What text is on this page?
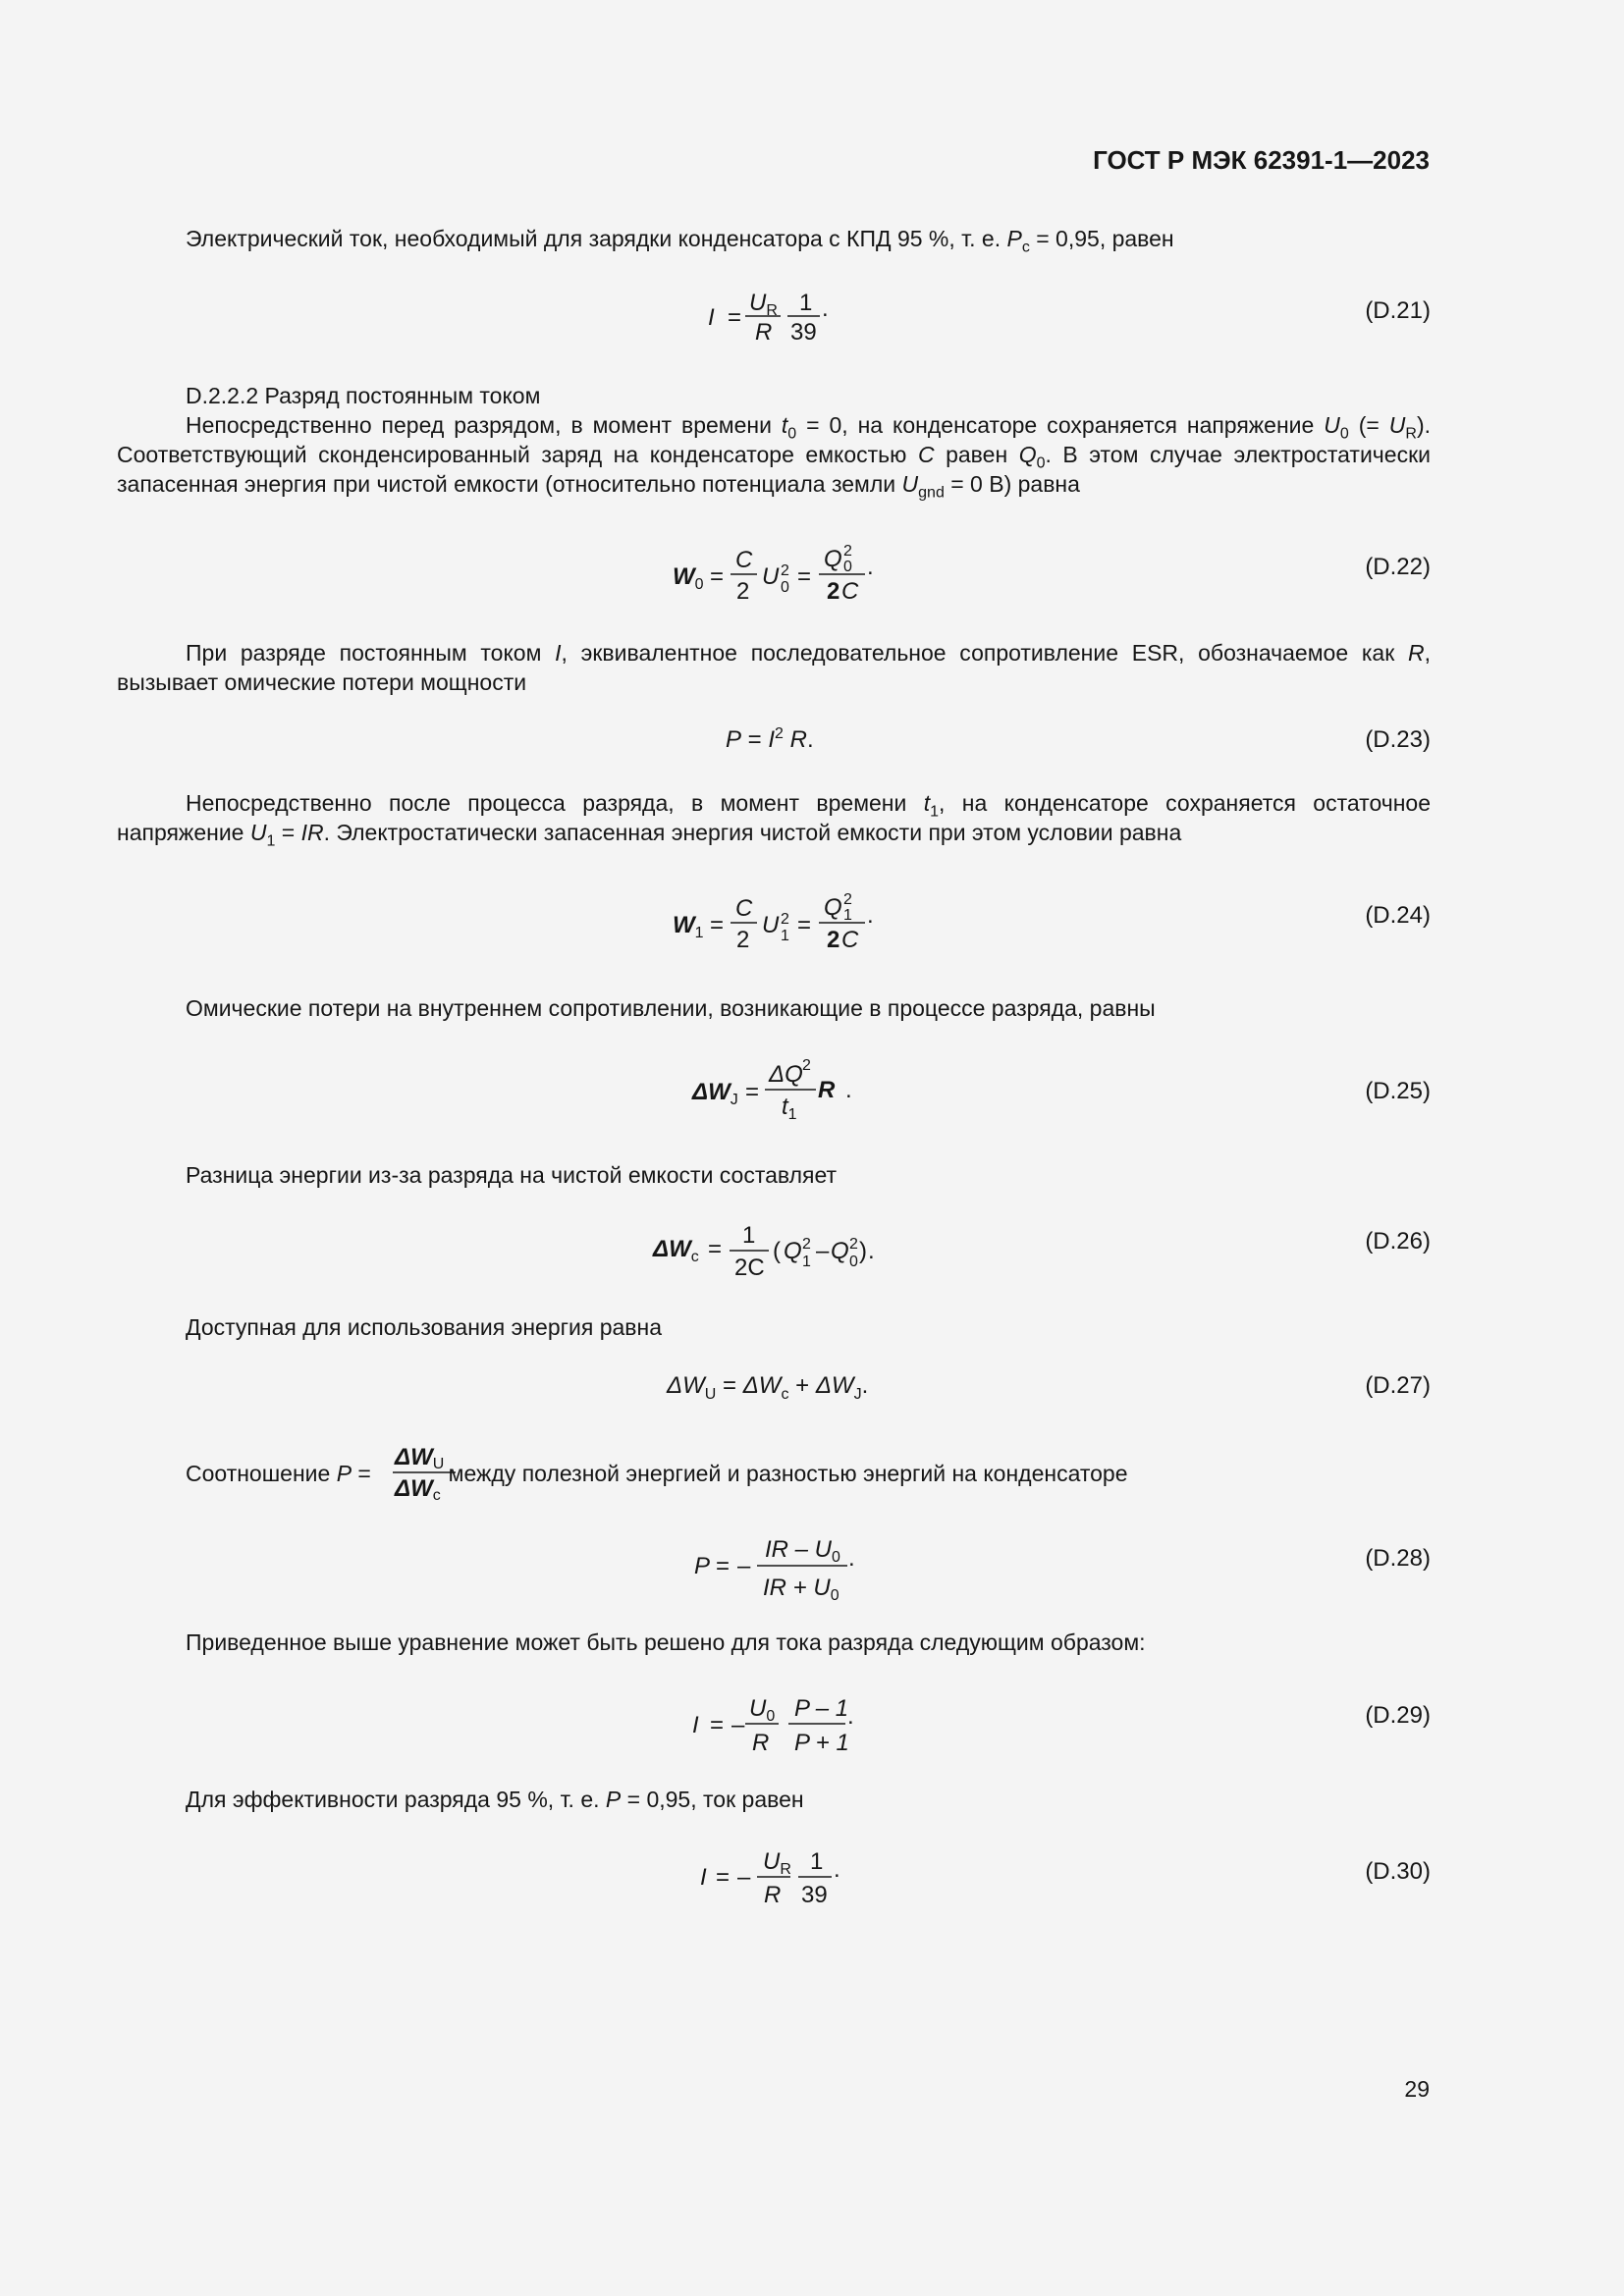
ГОСТ Р МЭК 62391-1—2023
Электрический ток, необходимый для зарядки конденсатора с КПД 95 %, т. е. $P_c = 0,95$, равен
I =
$U_R$
R
1
39
.	(D.21)
D.2.2.2 Разряд постоянным током
Непосредственно перед разрядом, в момент времени $t_0 = 0$, на конденсаторе сохраняется напряжение $U_0$ (= $U_R$). Соответствующий сконденсированный заряд на конденсаторе емкостью C равен $Q_0$. В этом случае электростатически запасенная энергия при чистой емкости (относительно потенциала земли $U_{gnd} = 0$ В) равна
$W_0$ =
C
2
U 2
0 =
Q 2
0
2 C
.	(D.22)
При разряде постоянным током I, эквивалентное последовательное сопротивление ESR, обозначаемое как R, вызывает омические потери мощности
$P = I^2$ R.	(D.23)
Непосредственно после процесса разряда, в момент времени $t_1$, на конденсаторе сохраняется остаточное напряжение $U_1$ = IR. Электростатически запасенная энергия чистой емкости при этом условии равна
$W_1$ =
C
2
U 2
1 =
Q 2
1
2 C
.	(D.24)
Омические потери на внутреннем сопротивлении, возникающие в процессе разряда, равны
$\Delta W_J$ =
ΔQ 2
$t_1$
R .	(D.25)
Разница энергии из-за разряда на чистой емкости составляет
$\Delta W_c$ =
1
2C
( Q 2
1 – Q 2
0 ) .	(D.26)
Доступная для использования энергия равна
$\Delta W_U = \Delta W_c + \Delta W_J$.	(D.27)
Соотношение P =	между полезной энергией и разностью энергий на конденсаторе
ΔWU
ΔWc
P = –
IR – $U_0$
IR + $U_0$
.	(D.28)
Приведенное выше уравнение может быть решено для тока разряда следующим образом:
I = –
$U_0$
R
P – 1
P + 1
.	(D.29)
Для эффективности разряда 95 %, т. е. P = 0,95, ток равен
I = –
$U_R$
R
1
39
.	(D.30)
29
